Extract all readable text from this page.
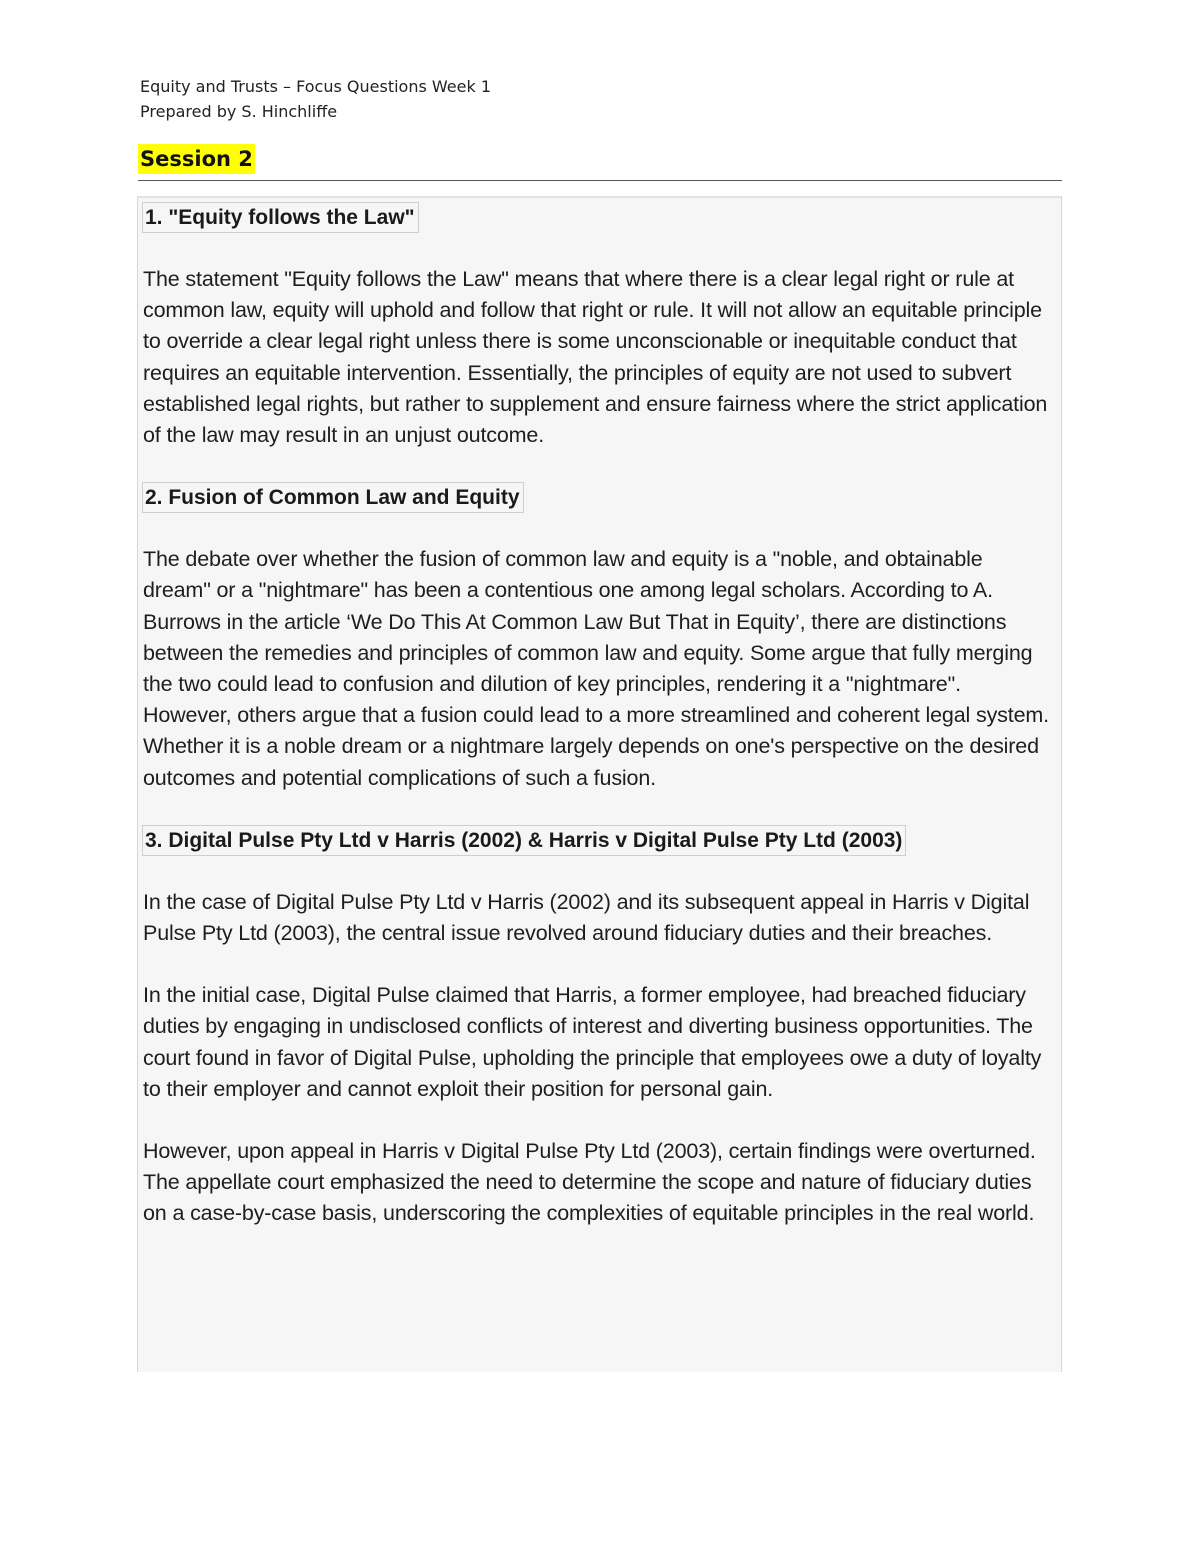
Equity and Trusts – Focus Questions Week 1
Prepared by S. Hinchliffe
Session 2
1. "Equity follows the Law"

The statement "Equity follows the Law" means that where there is a clear legal right or rule at common law, equity will uphold and follow that right or rule. It will not allow an equitable principle to override a clear legal right unless there is some unconscionable or inequitable conduct that requires an equitable intervention. Essentially, the principles of equity are not used to subvert established legal rights, but rather to supplement and ensure fairness where the strict application of the law may result in an unjust outcome.

2. Fusion of Common Law and Equity

The debate over whether the fusion of common law and equity is a "noble, and obtainable dream" or a "nightmare" has been a contentious one among legal scholars. According to A. Burrows in the article ‘We Do This At Common Law But That in Equity’, there are distinctions between the remedies and principles of common law and equity. Some argue that fully merging the two could lead to confusion and dilution of key principles, rendering it a "nightmare". However, others argue that a fusion could lead to a more streamlined and coherent legal system. Whether it is a noble dream or a nightmare largely depends on one's perspective on the desired outcomes and potential complications of such a fusion.

3. Digital Pulse Pty Ltd v Harris (2002) & Harris v Digital Pulse Pty Ltd (2003)

In the case of Digital Pulse Pty Ltd v Harris (2002) and its subsequent appeal in Harris v Digital Pulse Pty Ltd (2003), the central issue revolved around fiduciary duties and their breaches.

In the initial case, Digital Pulse claimed that Harris, a former employee, had breached fiduciary duties by engaging in undisclosed conflicts of interest and diverting business opportunities. The court found in favor of Digital Pulse, upholding the principle that employees owe a duty of loyalty to their employer and cannot exploit their position for personal gain.

However, upon appeal in Harris v Digital Pulse Pty Ltd (2003), certain findings were overturned. The appellate court emphasized the need to determine the scope and nature of fiduciary duties on a case-by-case basis, underscoring the complexities of equitable principles in the real world.
